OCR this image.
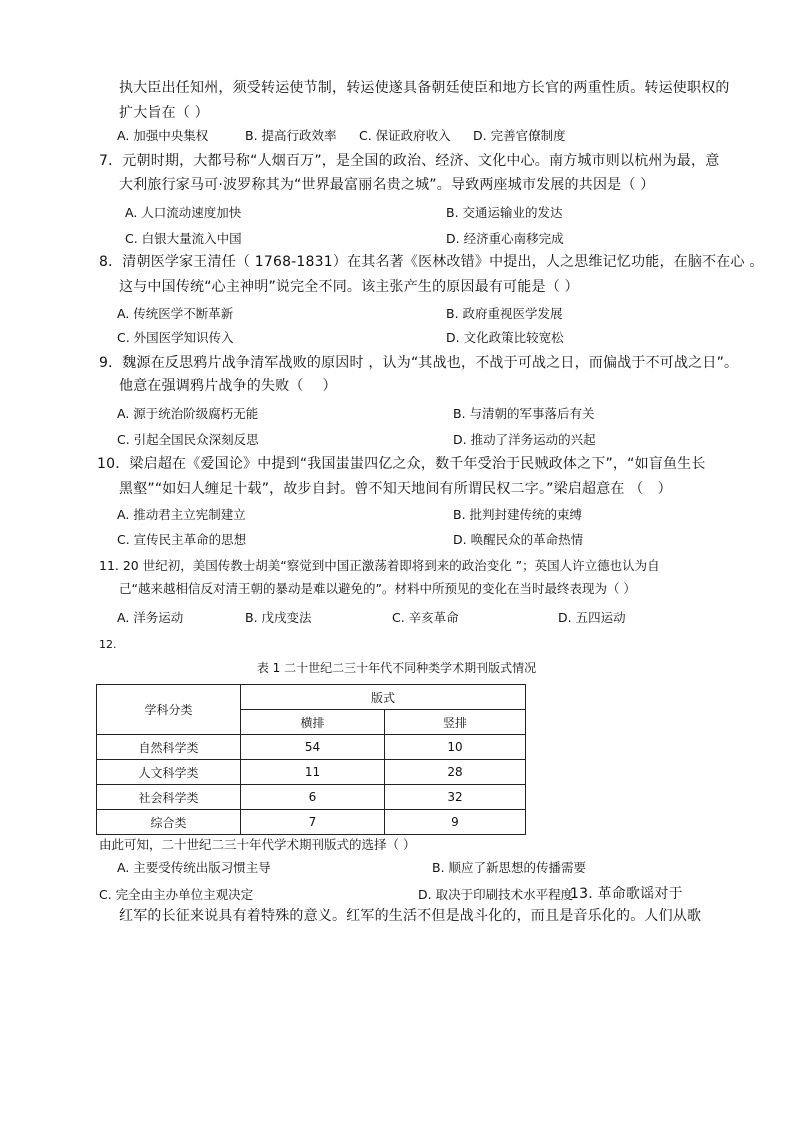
执大臣出任知州，须受转运使节制，转运使遂具备朝廷使臣和地方长官的两重性质。转运使职权的
扩大旨在（ ）
A. 加强中央集权	B. 提高行政效率 C. 保证政府收入 D. 完善官僚制度
7．元朝时期，大都号称“人烟百万”，是全国的政治、经济、文化中心。南方城市则以杭州为最，意
大利旅行家马可·波罗称其为“世界最富丽名贵之城”。导致两座城市发展的共因是（ ）
A. 人口流动速度加快	B. 交通运输业的发达
C. 白银大量流入中国	D. 经济重心南移完成
8．清朝医学家王清任（ 1768-1831）在其名著《医林改错》中提出，人之思维记忆功能，在脑不在心 。
这与中国传统“心主神明”说完全不同。该主张产生的原因最有可能是（ ）
A. 传统医学不断革新	B. 政府重视医学发展
C. 外国医学知识传入	D. 文化政策比较宽松
9．魏源在反思鸦片战争清军战败的原因时 ，认为“其战也，不战于可战之日，而偏战于不可战之日”。
他意在强调鸦片战争的失败（　 ）
A. 源于统治阶级腐朽无能	B. 与清朝的军事落后有关
C. 引起全国民众深刻反思	D. 推动了洋务运动的兴起
10．梁启超在《爱国论》中提到“我国蚩蚩四亿之众，数千年受治于民贼政体之下”，“如盲鱼生长
黑壑”“如妇人缠足十载”，故步自封。曾不知天地间有所谓民权二字。”梁启超意在 （　）
A. 推动君主立宪制建立	B. 批判封建传统的束缚
C. 宣传民主革命的思想	D. 唤醒民众的革命热情
11. 20 世纪初，美国传教士胡美“察觉到中国正激荡着即将到来的政治变化 ”；英国人许立德也认为自
己“越来越相信反对清王朝的暴动是难以避免的”。材料中所预见的变化在当时最终表现为（ ）
A. 洋务运动	B. 戊戌变法	C. 辛亥革命	D. 五四运动
12.
表 1 二十世纪二三十年代不同种类学术期刊版式情况
学科分类	版式	
	横排	竖排
自然科学类	54	10
人文科学类	11	28
社会科学类	6	32
综合类	7	9
由此可知，二十世纪二三十年代学术期刊版式的选择（ ）
A. 主要受传统出版习惯主导	B. 顺应了新思想的传播需要
C. 完全由主办单位主观决定	D. 取决于印刷技术水平程度
13. 革命歌谣对于
红军的长征来说具有着特殊的意义。红军的生活不但是战斗化的，而且是音乐化的。人们从歌
